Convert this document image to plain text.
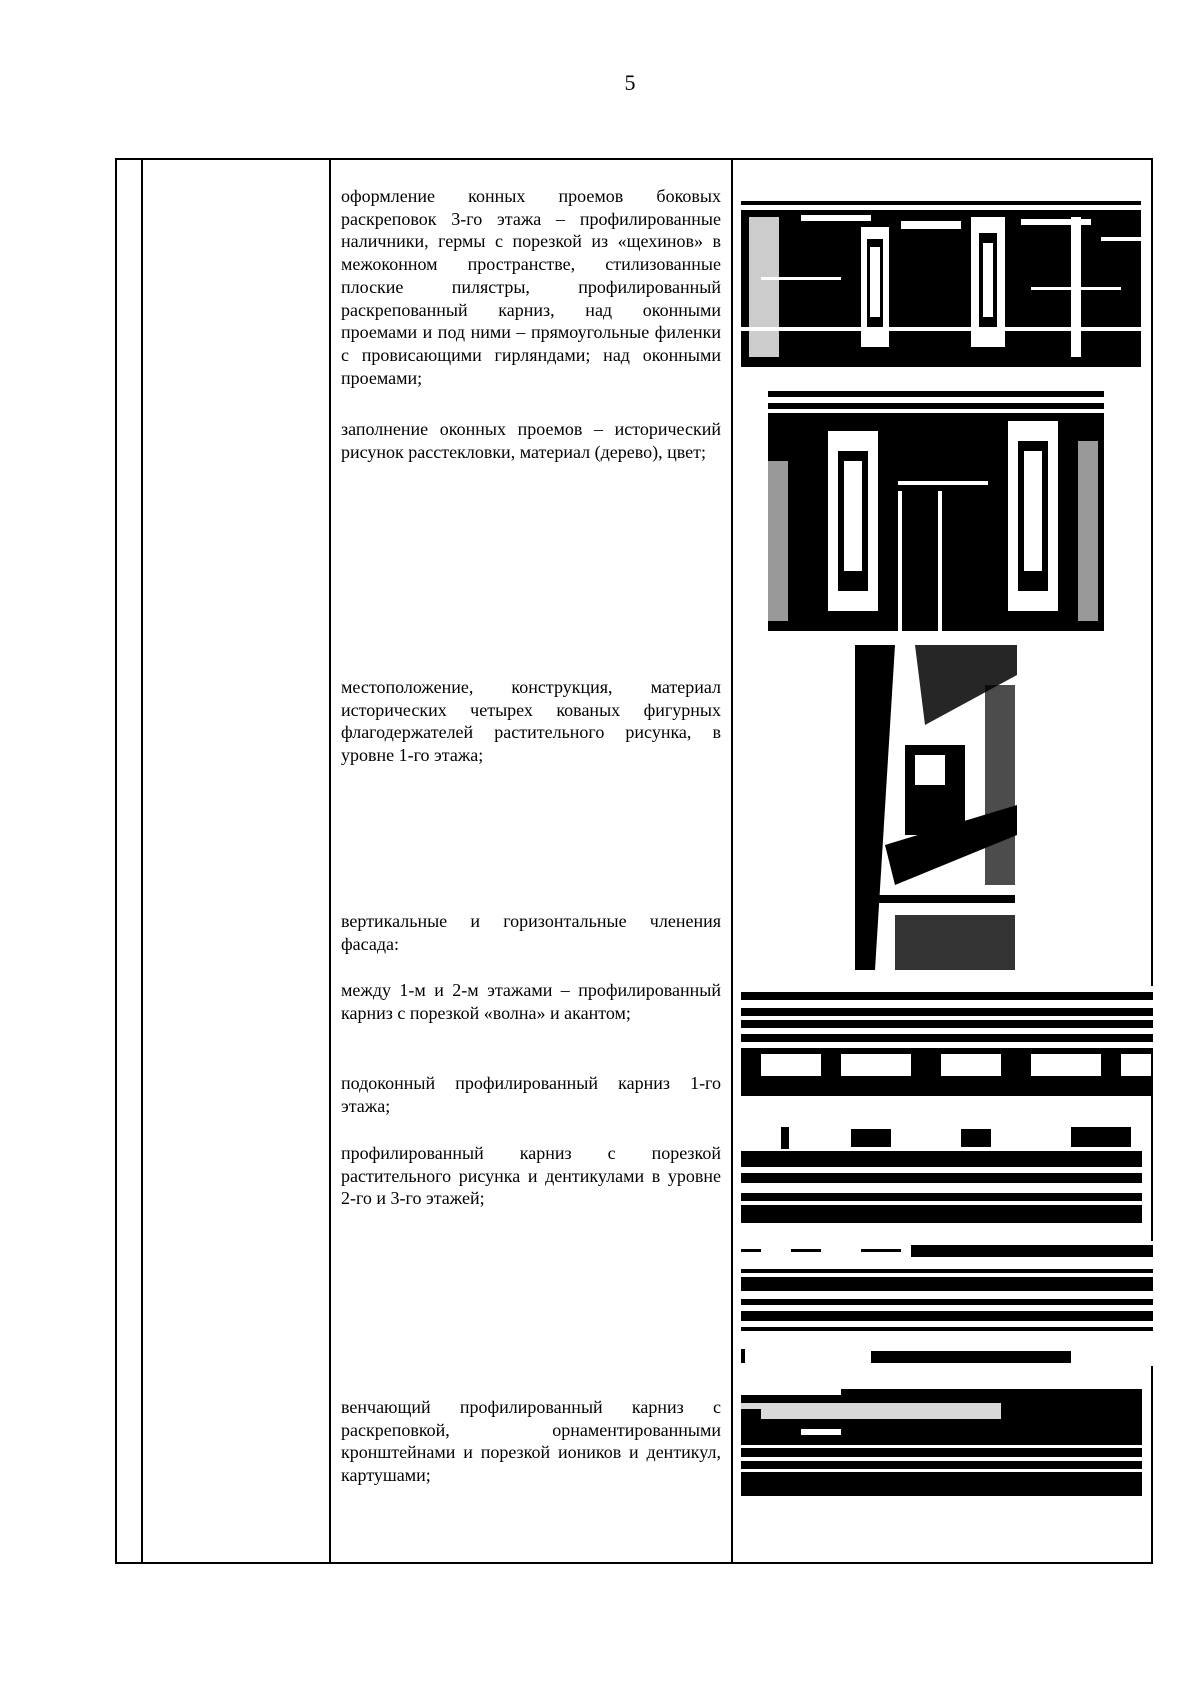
5
оформление конных проемов боковых раскреповок 3-го этажа – профилированные наличники, гермы с порезкой из «щехинов» в межоконном пространстве, стилизованные плоские пилястры, профилированный раскрепованный карниз, над оконными проемами и под ними – прямоугольные филенки с провисающими гирляндами; над оконными проемами;
заполнение оконных проемов – исторический рисунок расстекловки, материал (дерево), цвет;
местоположение, конструкция, материал исторических четырех кованых фигурных флагодержателей растительного рисунка, в уровне 1-го этажа;
вертикальные и горизонтальные членения фасада:
между 1-м и 2-м этажами – профилированный карниз с порезкой «волна» и акантом;
подоконный профилированный карниз 1-го этажа;
профилированный карниз с порезкой растительного рисунка и дентикулами в уровне 2-го и 3-го этажей;
венчающий профилированный карниз с раскреповкой, орнаментированными кронштейнами и порезкой иоников и дентикул, картушами;
